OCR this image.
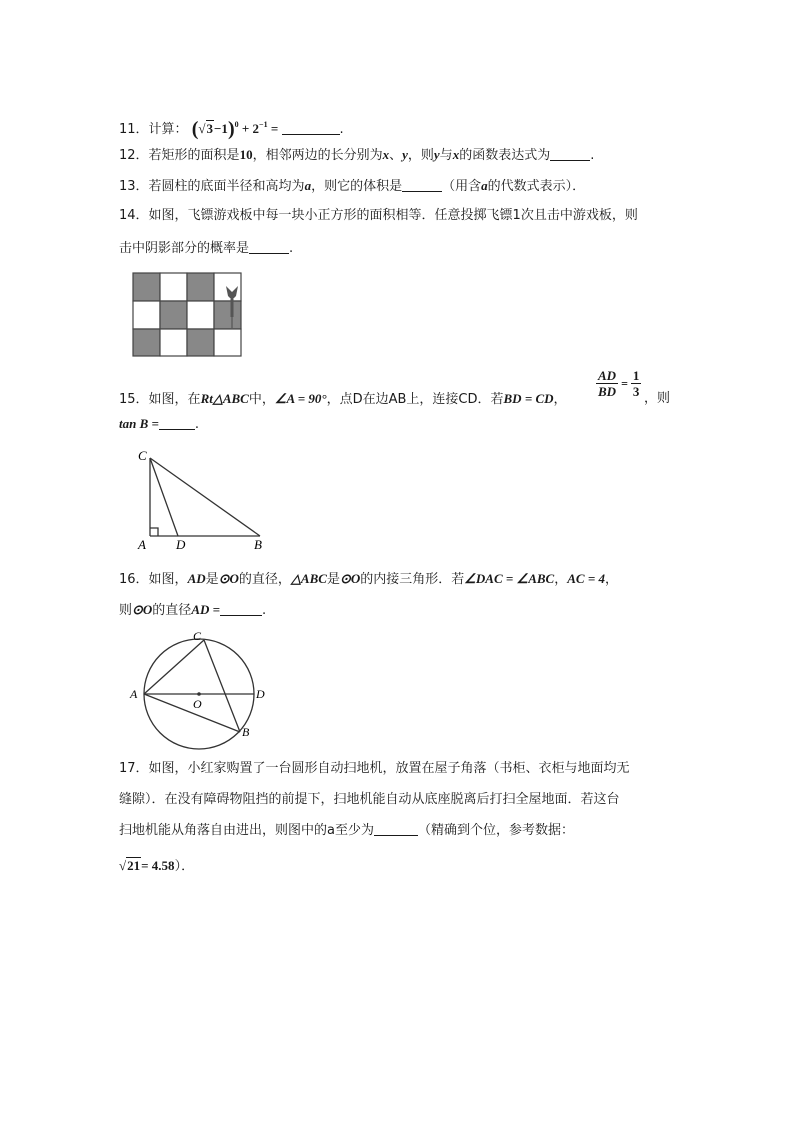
11．计算： $(√3-1)^0 + 2^{-1}$ =	.
12．若矩形的面积是10，相邻两边的长分别为x、y，则y与x的函数表达式为	.
13．若圆柱的底面半径和高均为a，则它的体积是	（用含a的代数式表示）．
14．如图，飞镖游戏板中每一块小正方形的面积相等．任意投掷飞镖1次且击中游戏板，则
击中阴影部分的概率是	.
15．如图，在Rt△ABC中，∠A = 90°，点D在边AB上，连接CD．若BD = CD，
$\frac{AD}{BD} = \frac{1}{3}$ ，则
tan B =	.
C
A D	B
16．如图，AD是⊙O的直径，△ABC是⊙O的内接三角形．若∠DAC = ∠ABC，AC = 4，
则⊙O的直径AD =	.
C
A
O
D
B
17．如图，小红家购置了一台圆形自动扫地机，放置在屋子角落（书柜、衣柜与地面均无
缝隙）．在没有障碍物阻挡的前提下，扫地机能自动从底座脱离后打扫全屋地面．若这台
扫地机能从角落自由进出，则图中的a至少为	（精确到个位，参考数据：
√21= 4.58）．
